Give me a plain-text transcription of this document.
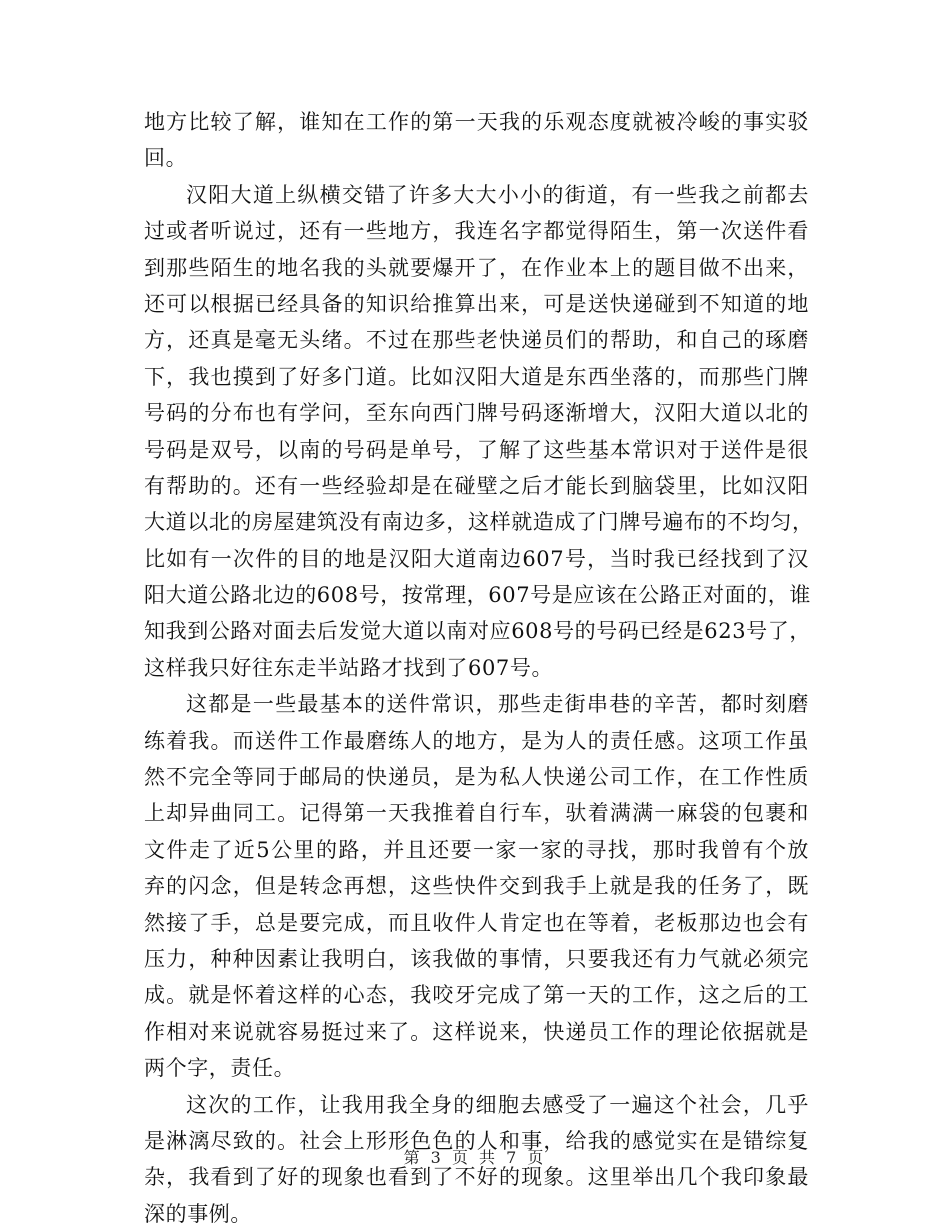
地方比较了解，谁知在工作的第一天我的乐观态度就被冷峻的事实驳
回。
汉阳大道上纵横交错了许多大大小小的街道，有一些我之前都去
过或者听说过，还有一些地方，我连名字都觉得陌生，第一次送件看
到那些陌生的地名我的头就要爆开了，在作业本上的题目做不出来，
还可以根据已经具备的知识给推算出来，可是送快递碰到不知道的地
方，还真是毫无头绪。不过在那些老快递员们的帮助，和自己的琢磨
下，我也摸到了好多门道。比如汉阳大道是东西坐落的，而那些门牌
号码的分布也有学问，至东向西门牌号码逐渐增大，汉阳大道以北的
号码是双号，以南的号码是单号，了解了这些基本常识对于送件是很
有帮助的。还有一些经验却是在碰壁之后才能长到脑袋里，比如汉阳
大道以北的房屋建筑没有南边多，这样就造成了门牌号遍布的不均匀，
比如有一次件的目的地是汉阳大道南边607号，当时我已经找到了汉
阳大道公路北边的608号，按常理，607号是应该在公路正对面的，谁
知我到公路对面去后发觉大道以南对应608号的号码已经是623号了，
这样我只好往东走半站路才找到了607号。
这都是一些最基本的送件常识，那些走街串巷的辛苦，都时刻磨
练着我。而送件工作最磨练人的地方，是为人的责任感。这项工作虽
然不完全等同于邮局的快递员，是为私人快递公司工作，在工作性质
上却异曲同工。记得第一天我推着自行车，驮着满满一麻袋的包裹和
文件走了近5公里的路，并且还要一家一家的寻找，那时我曾有个放
弃的闪念，但是转念再想，这些快件交到我手上就是我的任务了，既
然接了手，总是要完成，而且收件人肯定也在等着，老板那边也会有
压力，种种因素让我明白，该我做的事情，只要我还有力气就必须完
成。就是怀着这样的心态，我咬牙完成了第一天的工作，这之后的工
作相对来说就容易挺过来了。这样说来，快递员工作的理论依据就是
两个字，责任。
这次的工作，让我用我全身的细胞去感受了一遍这个社会，几乎
是淋漓尽致的。社会上形形色色的人和事，给我的感觉实在是错综复
杂，我看到了好的现象也看到了不好的现象。这里举出几个我印象最
深的事例。
第 3 页 共 7 页
